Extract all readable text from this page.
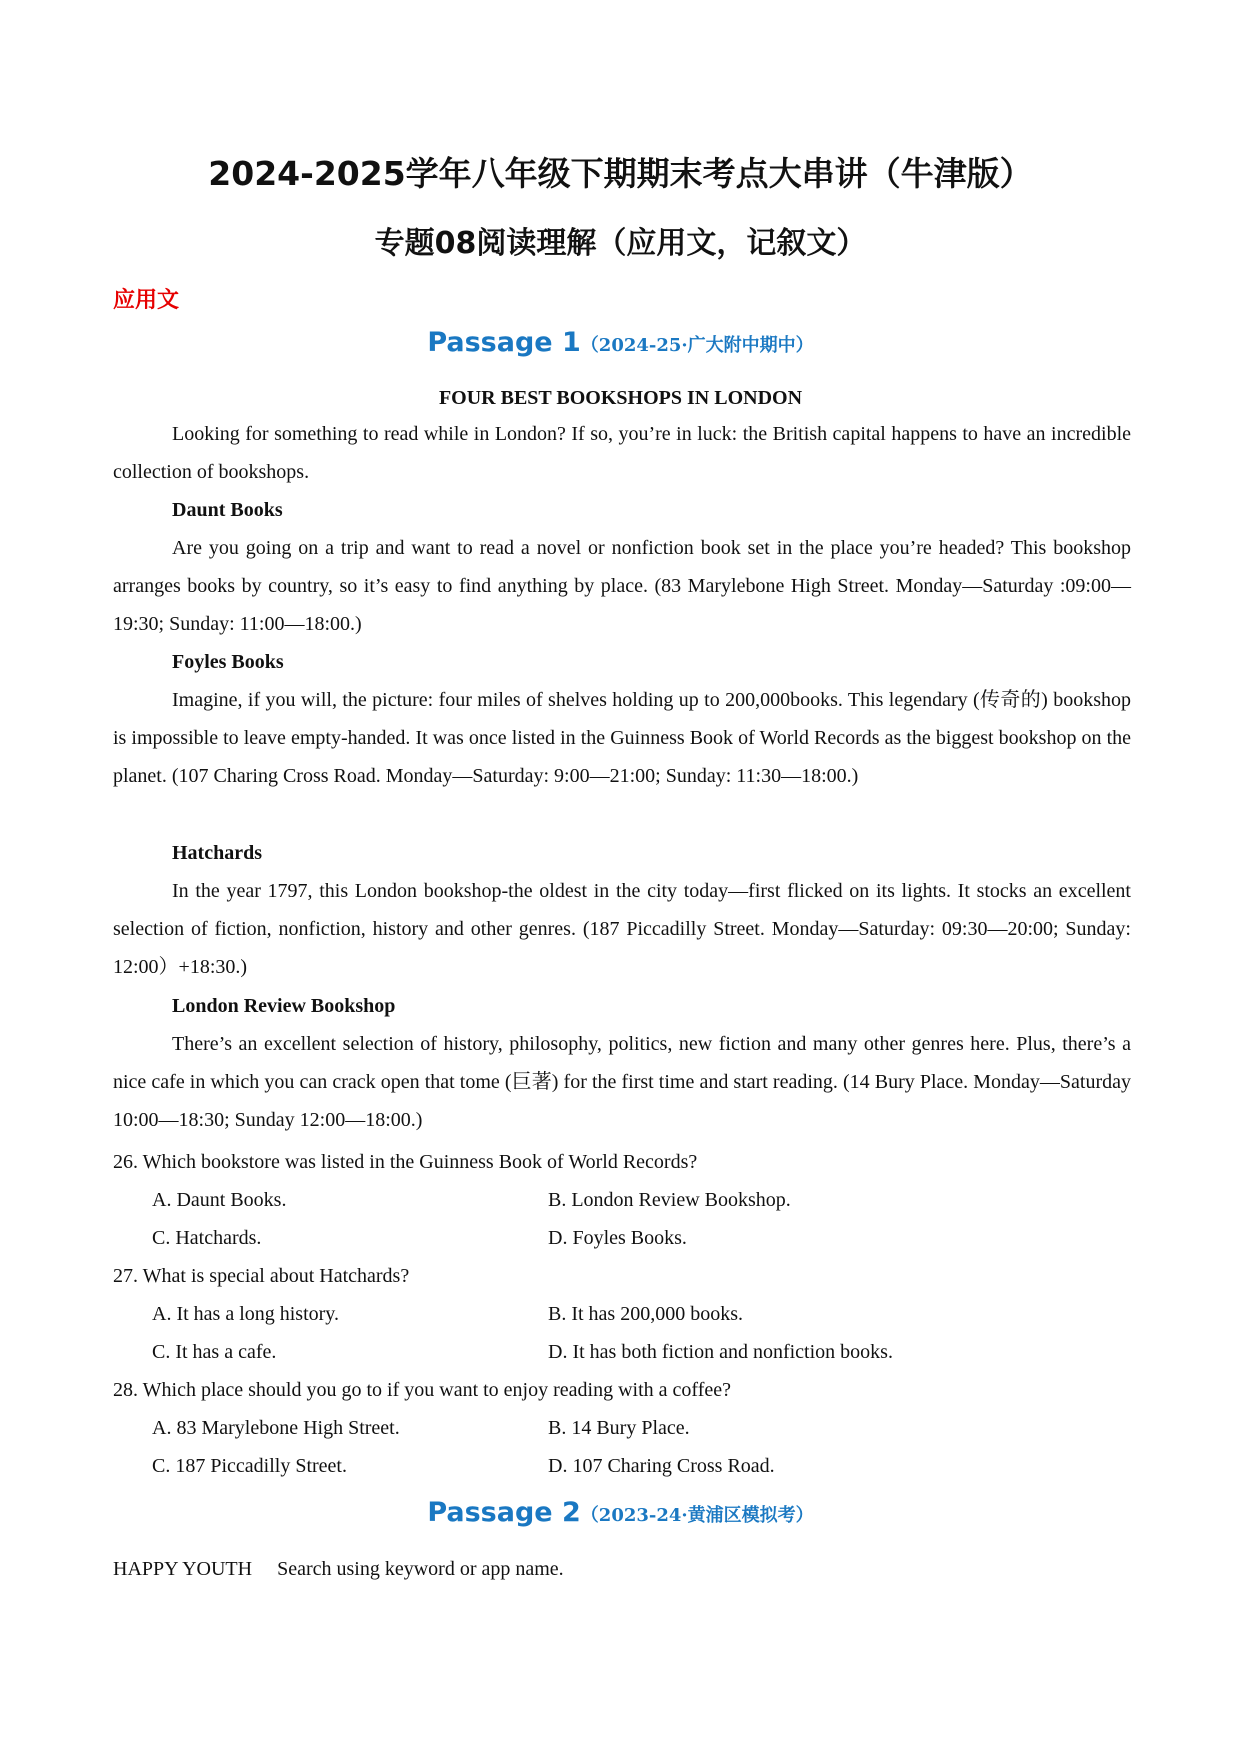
2024-2025学年八年级下期期末考点大串讲（牛津版）
专题08阅读理解（应用文，记叙文）
应用文
Passage 1（2024-25·广大附中期中）
FOUR BEST BOOKSHOPS IN LONDON
Looking for something to read while in London? If so, you’re in luck: the British capital happens to have an incredible collection of bookshops.
Daunt Books
Are you going on a trip and want to read a novel or nonfiction book set in the place you’re headed? This bookshop arranges books by country, so it’s easy to find anything by place. (83 Marylebone High Street. Monday—Saturday :09:00—19:30; Sunday: 11:00—18:00.)
Foyles Books
Imagine, if you will, the picture: four miles of shelves holding up to 200,000books. This legendary (传奇的) bookshop is impossible to leave empty-handed. It was once listed in the Guinness Book of World Records as the biggest bookshop on the planet. (107 Charing Cross Road. Monday—Saturday: 9:00—21:00; Sunday: 11:30—18:00.)
Hatchards
In the year 1797, this London bookshop-the oldest in the city today—first flicked on its lights. It stocks an excellent selection of fiction, nonfiction, history and other genres. (187 Piccadilly Street. Monday—Saturday: 09:30—20:00; Sunday: 12:00）+18:30.)
London Review Bookshop
There’s an excellent selection of history, philosophy, politics, new fiction and many other genres here. Plus, there’s a nice cafe in which you can crack open that tome (巨著) for the first time and start reading. (14 Bury Place. Monday—Saturday 10:00—18:30; Sunday 12:00—18:00.)
26. Which bookstore was listed in the Guinness Book of World Records?
A. Daunt Books.	B. London Review Bookshop.
C. Hatchards.	D. Foyles Books.
27. What is special about Hatchards?
A. It has a long history.	B. It has 200,000 books.
C. It has a cafe.	D. It has both fiction and nonfiction books.
28. Which place should you go to if you want to enjoy reading with a coffee?
A. 83 Marylebone High Street.	B. 14 Bury Place.
C. 187 Piccadilly Street.	D. 107 Charing Cross Road.
Passage 2（2023-24·黄浦区模拟考）
HAPPY YOUTH Search using keyword or app name.
